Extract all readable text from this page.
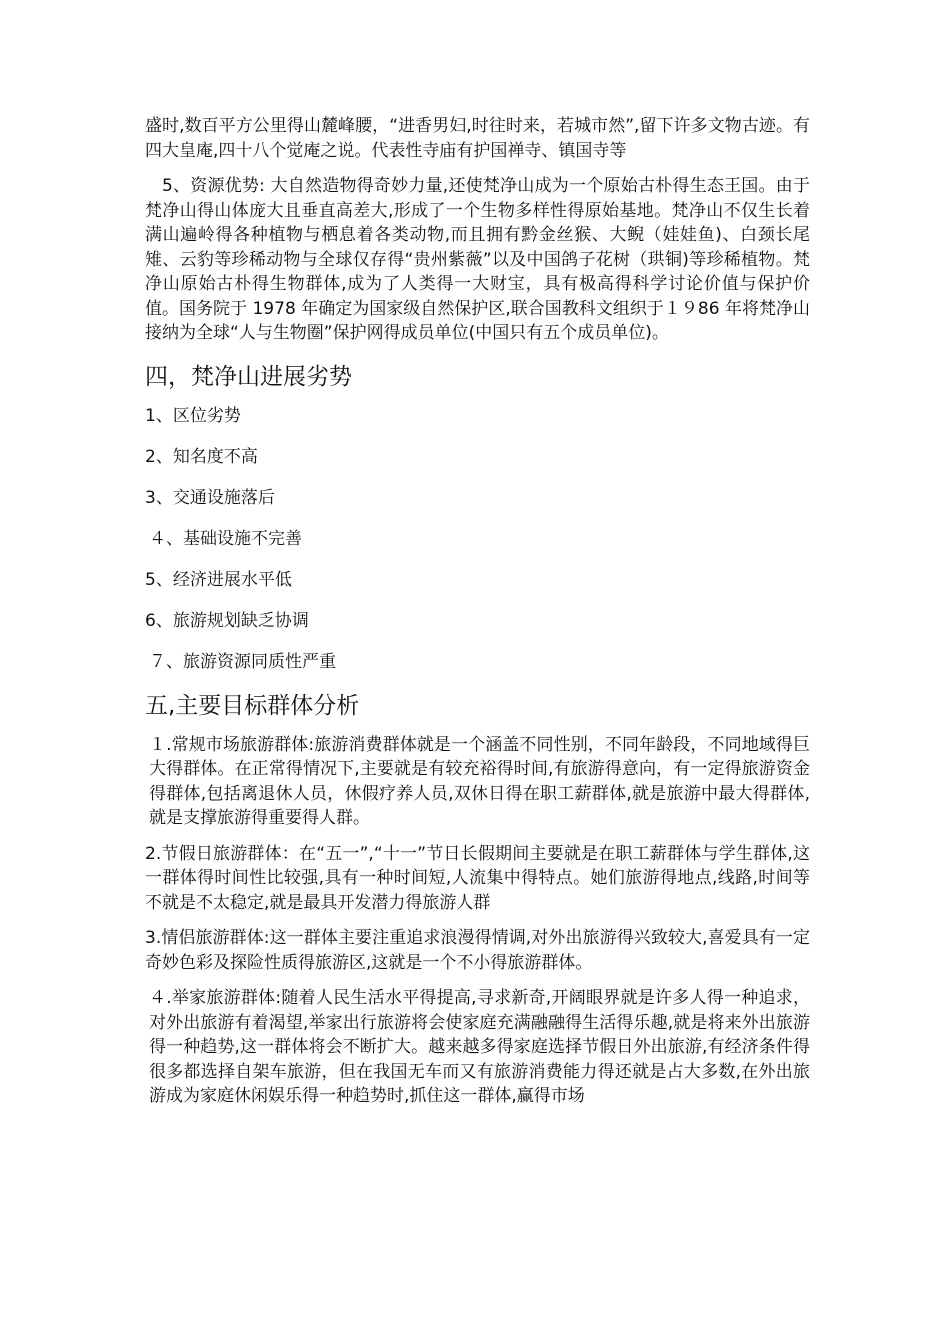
盛时,数百平方公里得山麓峰腰，“进香男妇,时往时来，若城市然”,留下许多文物古迹。有四大皇庵,四十八个觉庵之说。代表性寺庙有护国禅寺、镇国寺等

5、资源优势: 大自然造物得奇妙力量,还使梵净山成为一个原始古朴得生态王国。由于梵净山得山体庞大且垂直高差大,形成了一个生物多样性得原始基地。梵净山不仅生长着满山遍岭得各种植物与栖息着各类动物,而且拥有黔金丝猴、大鲵（娃娃鱼)、白颈长尾雉、云豹等珍稀动物与全球仅存得“贵州紫薇”以及中国鸽子花树（珙铜)等珍稀植物。梵净山原始古朴得生物群体,成为了人类得一大财宝，具有极高得科学讨论价值与保护价值。国务院于 1978 年确定为国家级自然保护区,联合国教科文组织于１９86 年将梵净山接纳为全球“人与生物圈”保护网得成员单位(中国只有五个成员单位)。

四，梵净山进展劣势
1、区位劣势
2、知名度不高
3、交通设施落后
４、基础设施不完善
5、经济进展水平低
6、旅游规划缺乏协调
７、旅游资源同质性严重
五,主要目标群体分析

１.常规市场旅游群体:旅游消费群体就是一个涵盖不同性别，不同年龄段，不同地域得巨大得群体。在正常得情况下,主要就是有较充裕得时间,有旅游得意向，有一定得旅游资金得群体,包括离退休人员，休假疗养人员,双休日得在职工薪群体,就是旅游中最大得群体,就是支撑旅游得重要得人群。

2.节假日旅游群体：在“五一”,“十一”节日长假期间主要就是在职工薪群体与学生群体,这一群体得时间性比较强,具有一种时间短,人流集中得特点。她们旅游得地点,线路,时间等不就是不太稳定,就是最具开发潜力得旅游人群

3.情侣旅游群体:这一群体主要注重追求浪漫得情调,对外出旅游得兴致较大,喜爱具有一定奇妙色彩及探险性质得旅游区,这就是一个不小得旅游群体。

４.举家旅游群体:随着人民生活水平得提高,寻求新奇,开阔眼界就是许多人得一种追求，对外出旅游有着渴望,举家出行旅游将会使家庭充满融融得生活得乐趣,就是将来外出旅游得一种趋势,这一群体将会不断扩大。越来越多得家庭选择节假日外出旅游,有经济条件得很多都选择自架车旅游，但在我国无车而又有旅游消费能力得还就是占大多数,在外出旅游成为家庭休闲娱乐得一种趋势时,抓住这一群体,赢得市场
